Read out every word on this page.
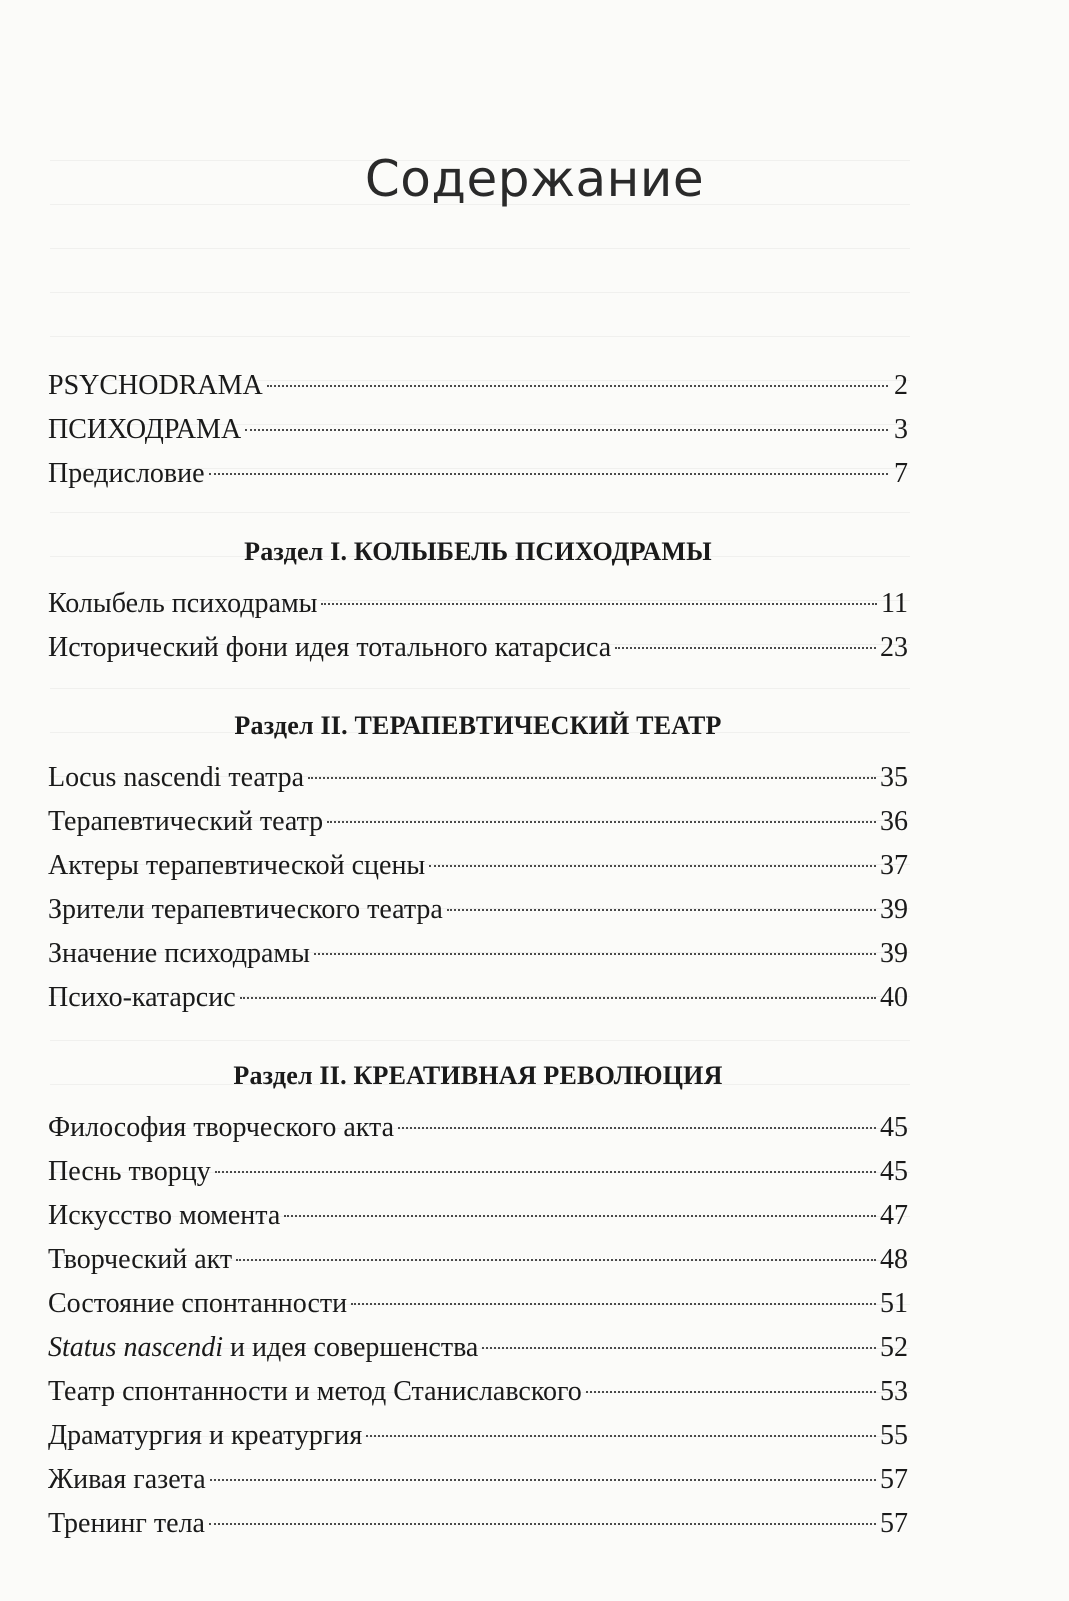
Содержание
PSYCHODRAMA	2
ПСИХОДРАМА	3
Предисловие	7
Раздел I. КОЛЫБЕЛЬ ПСИХОДРАМЫ
Колыбель психодрамы	11
Исторический фони идея тотального катарсиса	23
Раздел II. ТЕРАПЕВТИЧЕСКИЙ ТЕАТР
Locus nascendi театра	35
Терапевтический театр	36
Актеры терапевтической сцены	37
Зрители терапевтического театра	39
Значение психодрамы	39
Психо-катарсис	40
Раздел II. КРЕАТИВНАЯ РЕВОЛЮЦИЯ
Философия творческого акта	45
Песнь творцу	45
Искусство момента	47
Творческий акт	48
Состояние спонтанности	51
Status nascendi и идея совершенства	52
Театр спонтанности и метод Станиславского	53
Драматургия и креатургия	55
Живая газета	57
Тренинг тела	57
